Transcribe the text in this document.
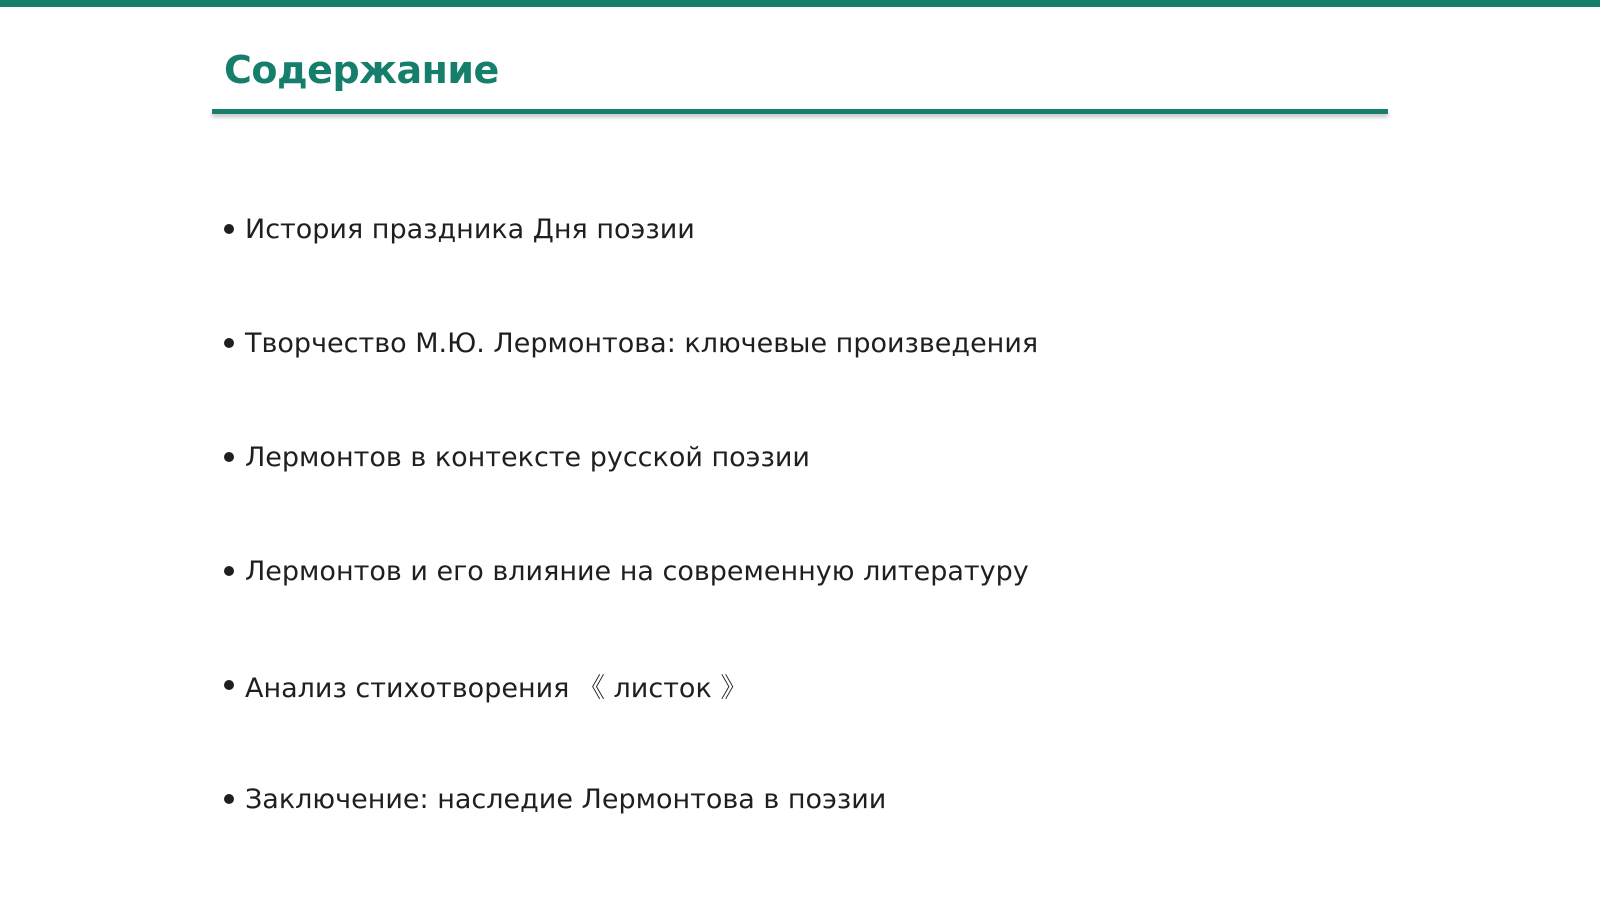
Содержание
История праздника Дня поэзии
Творчество М.Ю. Лермонтова: ключевые произведения
Лермонтов в контексте русской поэзии
Лермонтов и его влияние на современную литературу
Анализ стихотворения 《 листок 》
Заключение: наследие Лермонтова в поэзии
